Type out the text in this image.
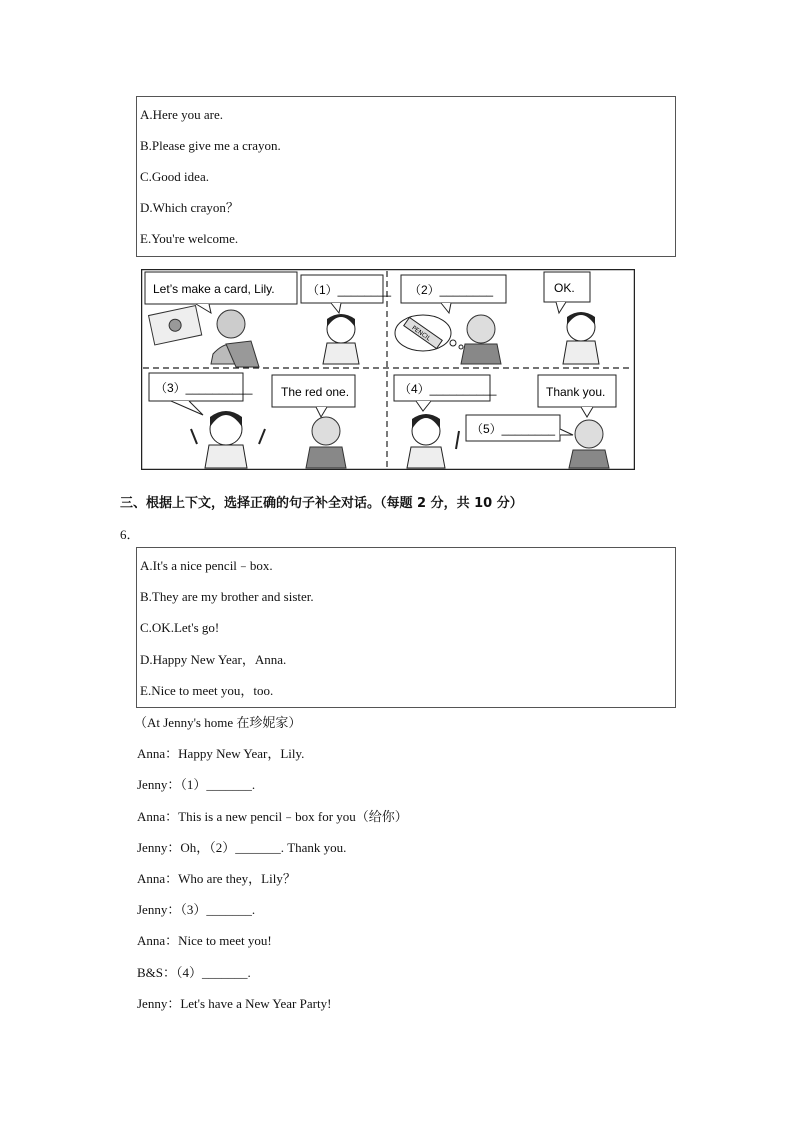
A.Here you are.
B.Please give me a crayon.
C.Good idea.
D.Which crayon？
E.You're welcome.
Let’s make a card, Lily.	（1）________ （2）________	OK.
PENCIL
（3）__________ The red one.	（4）__________	Thank you.
（5）________
三、根据上下文，选择正确的句子补全对话。（每题 2 分，共 10 分）
6．
A.It's a nice pencil﹣box.
B.They are my brother and sister.
C.OK.Let's go!
D.Happy New Year，Anna.
E.Nice to meet you，too.
（At Jenny's home 在珍妮家）
Anna：Happy New Year，Lily.
Jenny：（1）_______.
Anna：This is a new pencil﹣box for you（给你）
Jenny：Oh，（2）_______. Thank you.
Anna：Who are they，Lily？
Jenny：（3）_______.
Anna：Nice to meet you!
B&S：（4）_______.
Jenny：Let's have a New Year Party!
